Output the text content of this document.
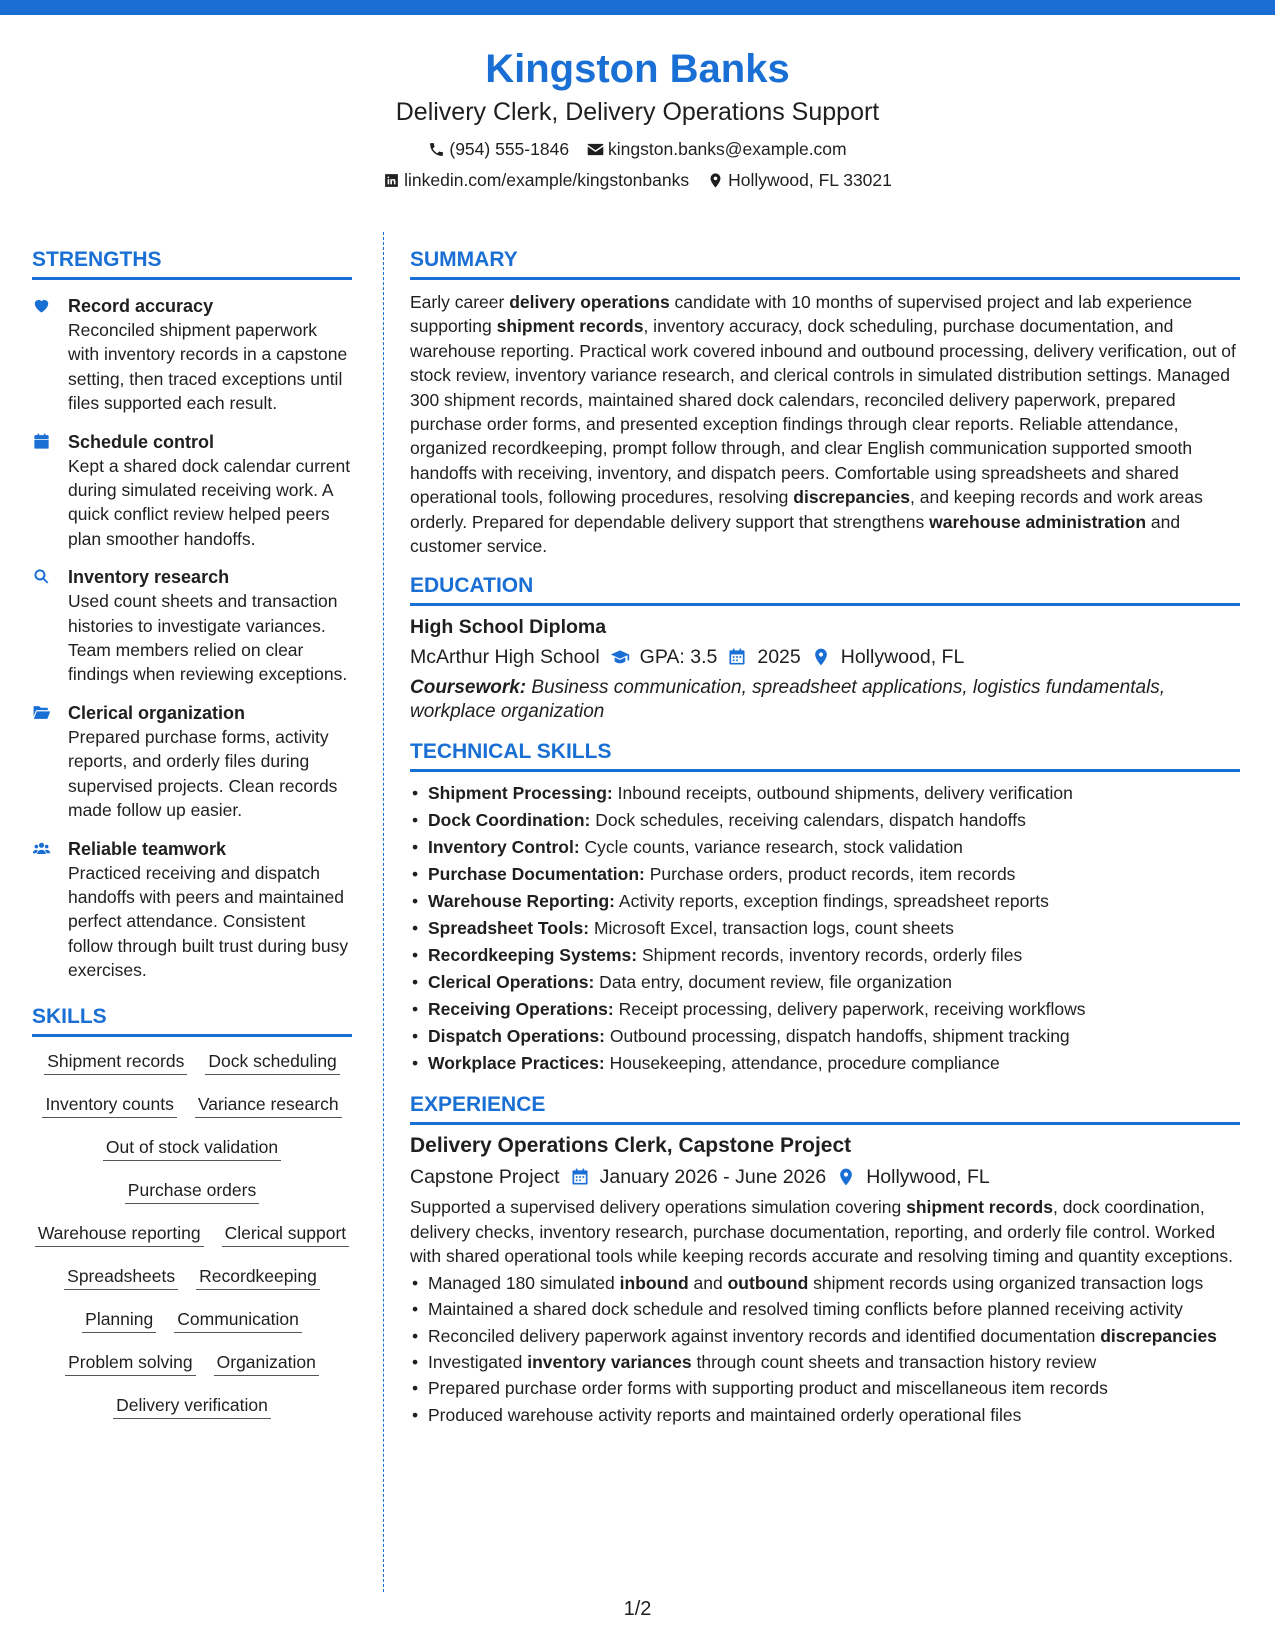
Kingston Banks
Delivery Clerk, Delivery Operations Support
(954) 555-1846 kingston.banks@example.com
linkedin.com/example/kingstonbanks Hollywood, FL 33021
STRENGTHS
Record accuracy
Reconciled shipment paperwork with inventory records in a capstone setting, then traced exceptions until files supported each result.
Schedule control
Kept a shared dock calendar current during simulated receiving work. A quick conflict review helped peers plan smoother handoffs.
Inventory research
Used count sheets and transaction histories to investigate variances. Team members relied on clear findings when reviewing exceptions.
Clerical organization
Prepared purchase forms, activity reports, and orderly files during supervised projects. Clean records made follow up easier.
Reliable teamwork
Practiced receiving and dispatch handoffs with peers and maintained perfect attendance. Consistent follow through built trust during busy exercises.
SKILLS
Shipment records Dock scheduling
Inventory counts Variance research
Out of stock validation
Purchase orders
Warehouse reporting Clerical support
Spreadsheets Recordkeeping
Planning Communication
Problem solving Organization
Delivery verification
SUMMARY
Early career delivery operations candidate with 10 months of supervised project and lab experience supporting shipment records, inventory accuracy, dock scheduling, purchase documentation, and warehouse reporting. Practical work covered inbound and outbound processing, delivery verification, out of stock review, inventory variance research, and clerical controls in simulated distribution settings. Managed 300 shipment records, maintained shared dock calendars, reconciled delivery paperwork, prepared purchase order forms, and presented exception findings through clear reports. Reliable attendance, organized recordkeeping, prompt follow through, and clear English communication supported smooth handoffs with receiving, inventory, and dispatch peers. Comfortable using spreadsheets and shared operational tools, following procedures, resolving discrepancies, and keeping records and work areas orderly. Prepared for dependable delivery support that strengthens warehouse administration and customer service.
EDUCATION
High School Diploma
McArthur High School GPA: 3.5 2025 Hollywood, FL
Coursework: Business communication, spreadsheet applications, logistics fundamentals, workplace organization
TECHNICAL SKILLS
• Shipment Processing: Inbound receipts, outbound shipments, delivery verification
• Dock Coordination: Dock schedules, receiving calendars, dispatch handoffs
• Inventory Control: Cycle counts, variance research, stock validation
• Purchase Documentation: Purchase orders, product records, item records
• Warehouse Reporting: Activity reports, exception findings, spreadsheet reports
• Spreadsheet Tools: Microsoft Excel, transaction logs, count sheets
• Recordkeeping Systems: Shipment records, inventory records, orderly files
• Clerical Operations: Data entry, document review, file organization
• Receiving Operations: Receipt processing, delivery paperwork, receiving workflows
• Dispatch Operations: Outbound processing, dispatch handoffs, shipment tracking
• Workplace Practices: Housekeeping, attendance, procedure compliance
EXPERIENCE
Delivery Operations Clerk, Capstone Project
Capstone Project January 2026 - June 2026 Hollywood, FL
Supported a supervised delivery operations simulation covering shipment records, dock coordination, delivery checks, inventory research, purchase documentation, reporting, and orderly file control. Worked with shared operational tools while keeping records accurate and resolving timing and quantity exceptions.
• Managed 180 simulated inbound and outbound shipment records using organized transaction logs
• Maintained a shared dock schedule and resolved timing conflicts before planned receiving activity
• Reconciled delivery paperwork against inventory records and identified documentation discrepancies
• Investigated inventory variances through count sheets and transaction history review
• Prepared purchase order forms with supporting product and miscellaneous item records
• Produced warehouse activity reports and maintained orderly operational files
1/2
